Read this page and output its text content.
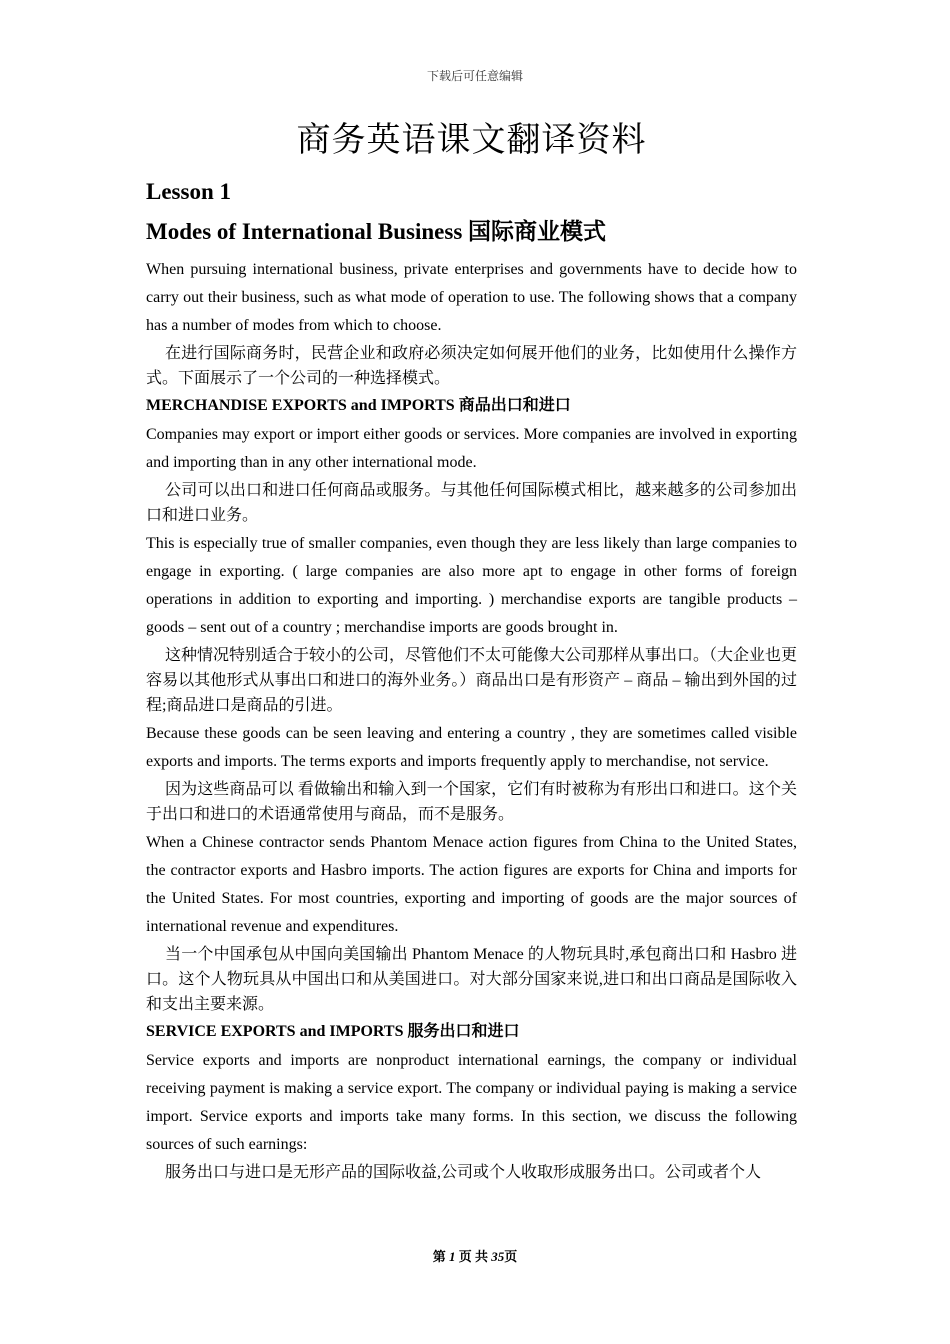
下载后可任意编辑
商务英语课文翻译资料
Lesson 1
Modes of International Business 国际商业模式

When pursuing international business, private enterprises and governments have to decide how to carry out their business, such as what mode of operation to use. The following shows that a company has a number of modes from which to choose.

在进行国际商务时，民营企业和政府必须决定如何展开他们的业务，比如使用什么操作方式。下面展示了一个公司的一种选择模式。

MERCHANDISE EXPORTS and IMPORTS 商品出口和进口

Companies may export or import either goods or services. More companies are involved in exporting and importing than in any other international mode.

公司可以出口和进口任何商品或服务。与其他任何国际模式相比，越来越多的公司参加出口和进口业务。

This is especially true of smaller companies, even though they are less likely than large companies to engage in exporting. ( large companies are also more apt to engage in other forms of foreign operations in addition to exporting and importing. ) merchandise exports are tangible products – goods – sent out of a country ; merchandise imports are goods brought in.

这种情况特别适合于较小的公司，尽管他们不太可能像大公司那样从事出口。（大企业也更容易以其他形式从事出口和进口的海外业务。）商品出口是有形资产 – 商品 – 输出到外国的过程;商品进口是商品的引进。

Because these goods can be seen leaving and entering a country , they are sometimes called visible exports and imports. The terms exports and imports frequently apply to merchandise, not service.

因为这些商品可以 看做输出和输入到一个国家，它们有时被称为有形出口和进口。这个关于出口和进口的术语通常使用与商品，而不是服务。

When a Chinese contractor sends Phantom Menace action figures from China to the United States, the contractor exports and Hasbro imports. The action figures are exports for China and imports for the United States. For most countries, exporting and importing of goods are the major sources of international revenue and expenditures.

当一个中国承包从中国向美国输出 Phantom Menace 的人物玩具时,承包商出口和 Hasbro 进口。这个人物玩具从中国出口和从美国进口。对大部分国家来说,进口和出口商品是国际收入和支出主要来源。

SERVICE EXPORTS and IMPORTS 服务出口和进口

Service exports and imports are nonproduct international earnings, the company or individual receiving payment is making a service export. The company or individual paying is making a service import. Service exports and imports take many forms. In this section, we discuss the following sources of such earnings:

服务出口与进口是无形产品的国际收益,公司或个人收取形成服务出口。公司或者个人

第 1 页 共 35页
